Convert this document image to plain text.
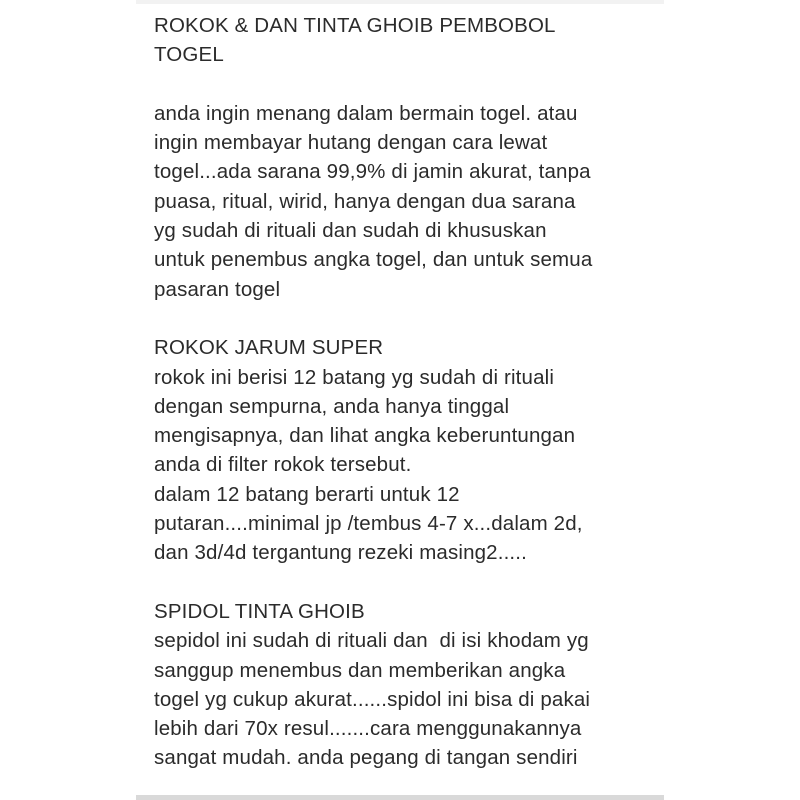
ROKOK & DAN TINTA GHOIB PEMBOBOL
TOGEL
anda ingin menang dalam bermain togel. atau
ingin membayar hutang dengan cara lewat
togel...ada sarana 99,9% di jamin akurat, tanpa
puasa, ritual, wirid, hanya dengan dua sarana
yg sudah di rituali dan sudah di khususkan
untuk penembus angka togel, dan untuk semua
pasaran togel
ROKOK JARUM SUPER
rokok ini berisi 12 batang yg sudah di rituali
dengan sempurna, anda hanya tinggal
mengisapnya, dan lihat angka keberuntungan
anda di filter rokok tersebut.
dalam 12 batang berarti untuk 12
putaran....minimal jp /tembus 4-7 x...dalam 2d,
dan 3d/4d tergantung rezeki masing2.....
SPIDOL TINTA GHOIB
sepidol ini sudah di rituali dan  di isi khodam yg
sanggup menembus dan memberikan angka
togel yg cukup akurat......spidol ini bisa di pakai
lebih dari 70x resul.......cara menggunakannya
sangat mudah. anda pegang di tangan sendiri
